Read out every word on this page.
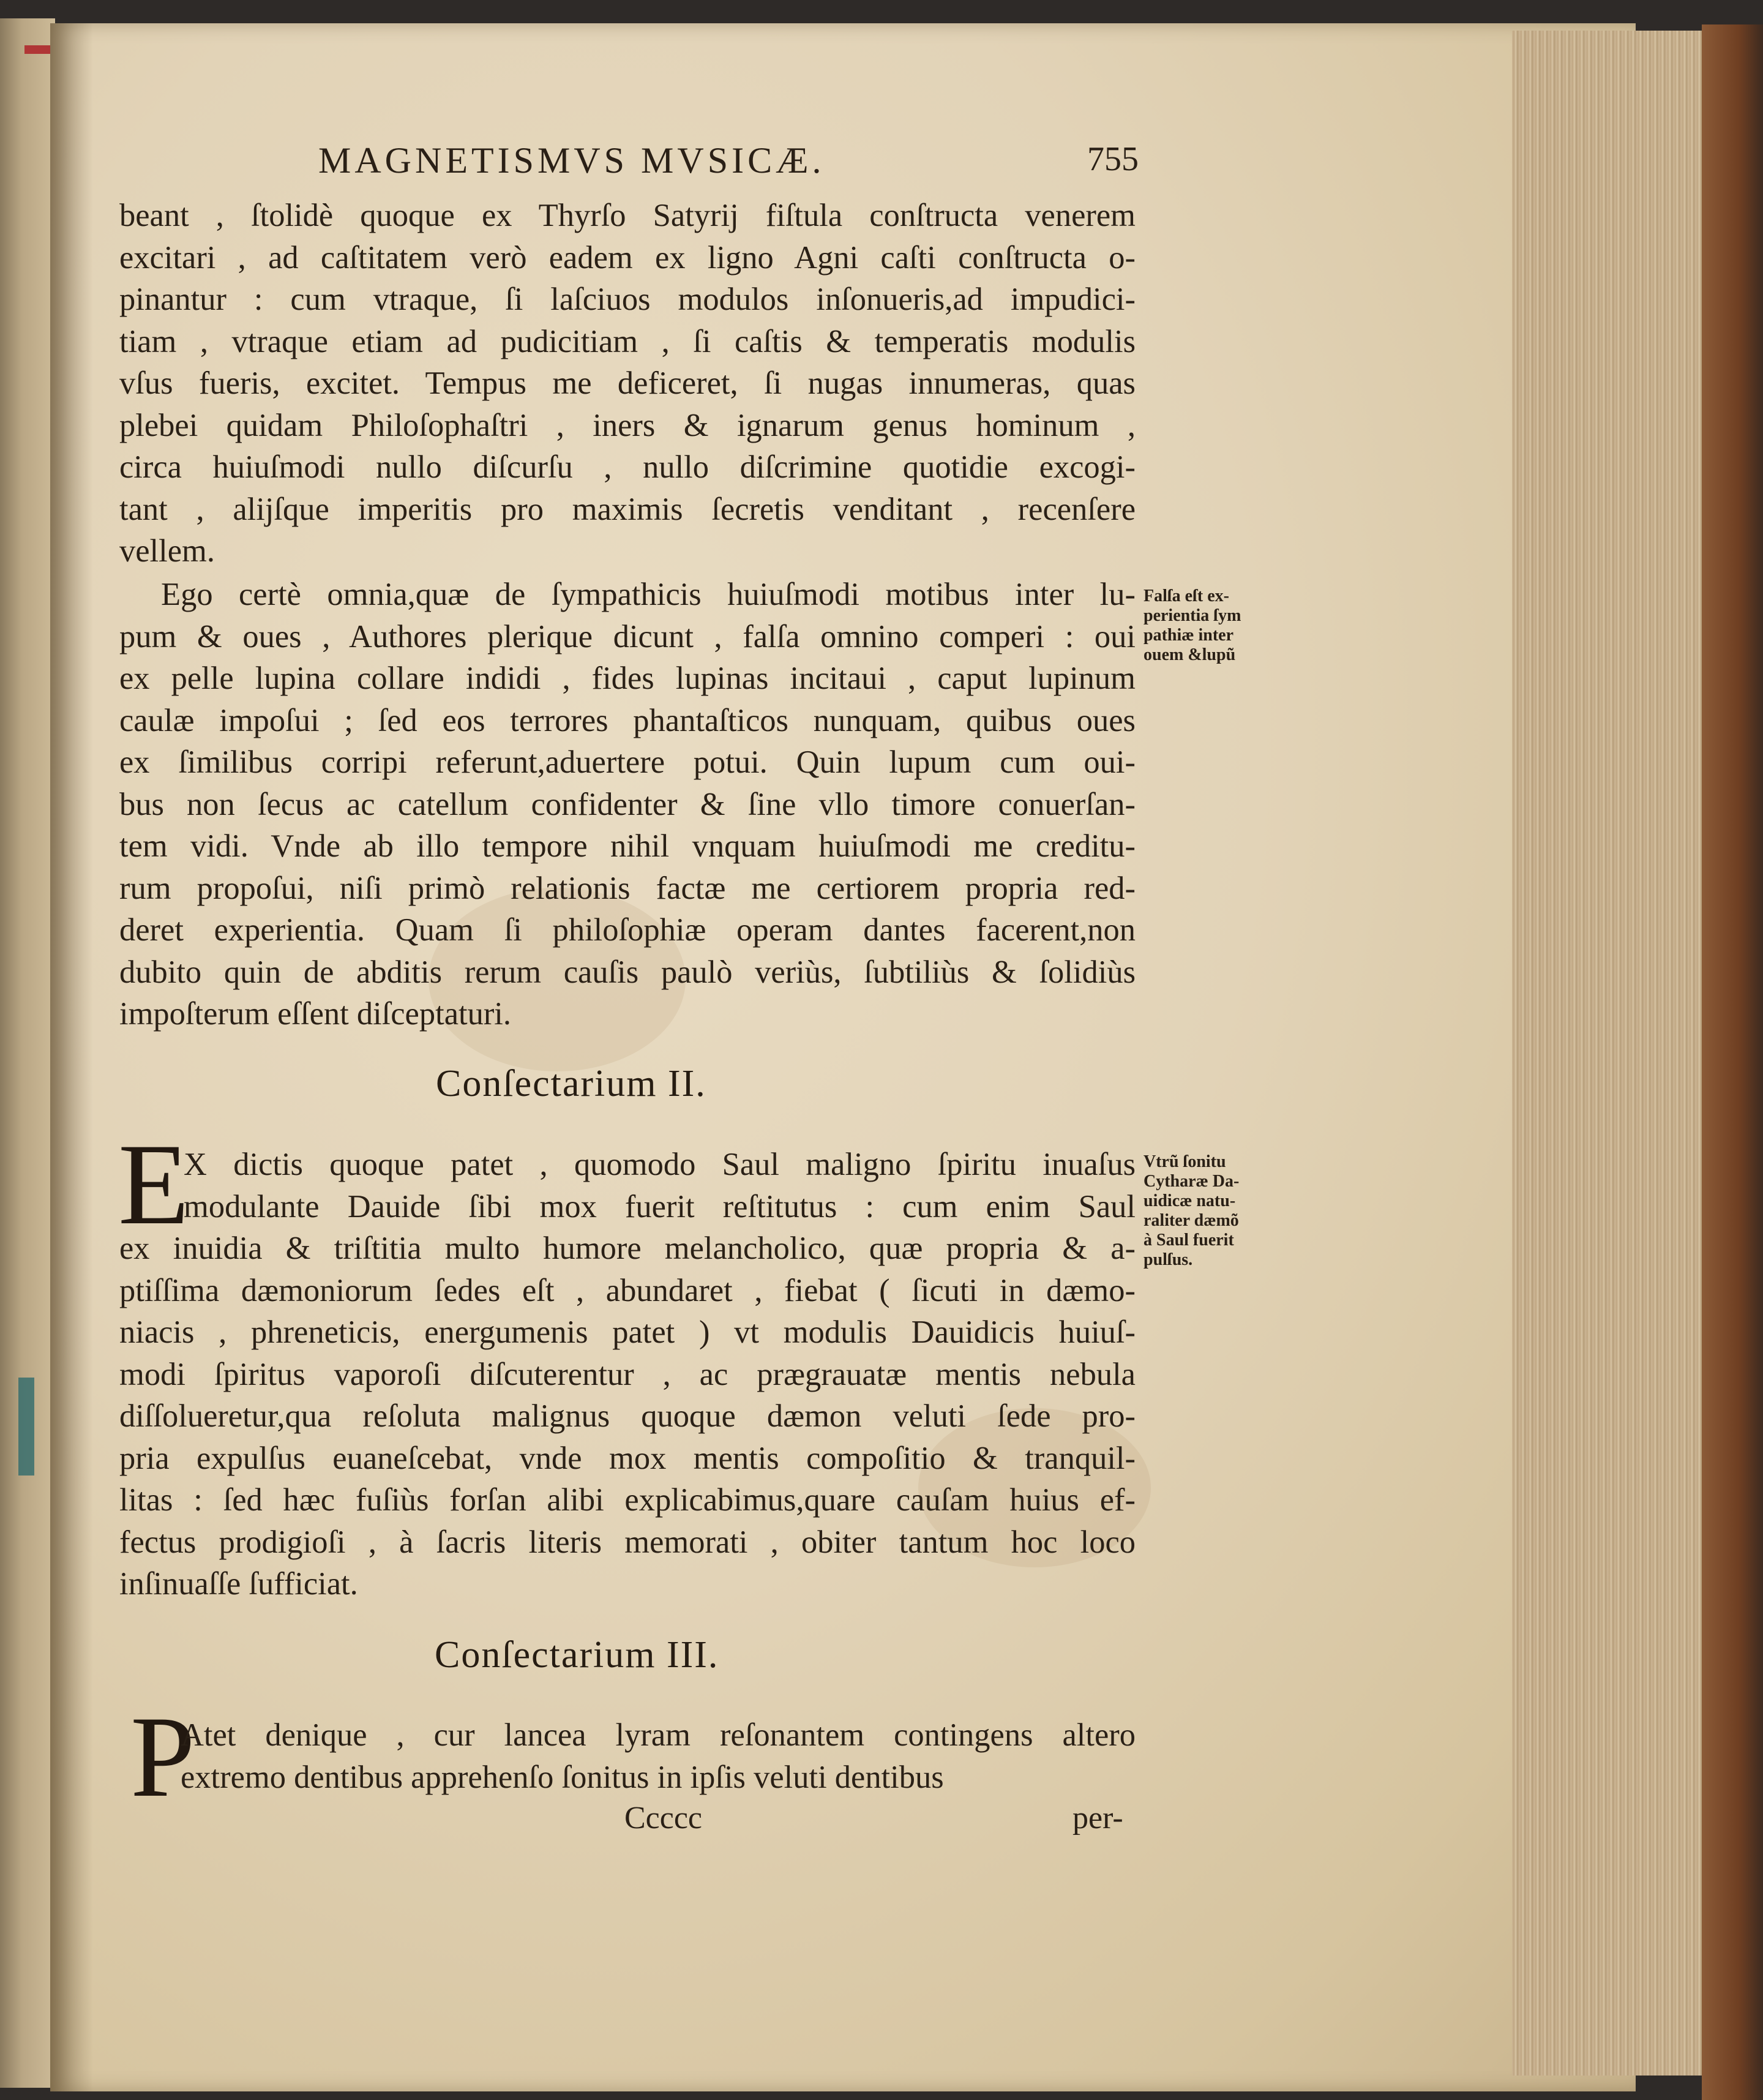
MAGNETISMVS MVSICÆ.	755
beant , ſtolidè quoque ex Thyrſo Satyrij fiſtula conſtructa venerem
excitari , ad caſtitatem verò eadem ex ligno Agni caſti conſtructa o-
pinantur : cum vtraque, ſi laſciuos modulos inſonueris,ad impudici-
tiam , vtraque etiam ad pudicitiam , ſi caſtis & temperatis modulis
vſus fueris, excitet. Tempus me deficeret, ſi nugas innumeras, quas
plebei quidam Philoſophaſtri , iners & ignarum genus hominum ,
circa huiuſmodi nullo diſcurſu , nullo diſcrimine quotidie excogi-
tant , alijſque imperitis pro maximis ſecretis venditant , recenſere
vellem.
Ego certè omnia,quæ de ſympathicis huiuſmodi motibus inter lu-
pum & oues , Authores plerique dicunt , falſa omnino comperi : oui
ex pelle lupina collare indidi , fides lupinas incitaui , caput lupinum
caulæ impoſui ; ſed eos terrores phantaſticos nunquam, quibus oues
ex ſimilibus corripi referunt,aduertere potui. Quin lupum cum oui-
bus non ſecus ac catellum confidenter & ſine vllo timore conuerſan-
tem vidi. Vnde ab illo tempore nihil vnquam huiuſmodi me creditu-
rum propoſui, niſi primò relationis factæ me certiorem propria red-
deret experientia. Quam ſi philoſophiæ operam dantes facerent,non
dubito quin de abditis rerum cauſis paulò veriùs, ſubtiliùs & ſolidiùs
impoſterum eſſent diſceptaturi.
Falſa eſt ex-
perientia ſym
pathiæ inter
ouem &lupũ
Conſectarium II.
E
X dictis quoque patet , quomodo Saul maligno ſpiritu inuaſus
modulante Dauide ſibi mox fuerit reſtitutus : cum enim Saul
ex inuidia & triſtitia multo humore melancholico, quæ propria & a-
ptiſſima dæmoniorum ſedes eſt , abundaret , fiebat ( ſicuti in dæmo-
niacis , phreneticis, energumenis patet ) vt modulis Dauidicis huiuſ-
modi ſpiritus vaporoſi diſcuterentur , ac prægrauatæ mentis nebula
diſſolueretur,qua reſoluta malignus quoque dæmon veluti ſede pro-
pria expulſus euaneſcebat, vnde mox mentis compoſitio & tranquil-
litas : ſed hæc fuſiùs forſan alibi explicabimus,quare cauſam huius ef-
fectus prodigioſi , à ſacris literis memorati , obiter tantum hoc loco
inſinuaſſe ſufficiat.
Vtrũ ſonitu
Cytharæ Da-
uidicæ natu-
raliter dæmõ
à Saul fuerit
pulſus.
Conſectarium III.
P
Atet denique , cur lancea lyram reſonantem contingens altero
extremo dentibus apprehenſo ſonitus in ipſis veluti dentibus
Ccccc	per-
